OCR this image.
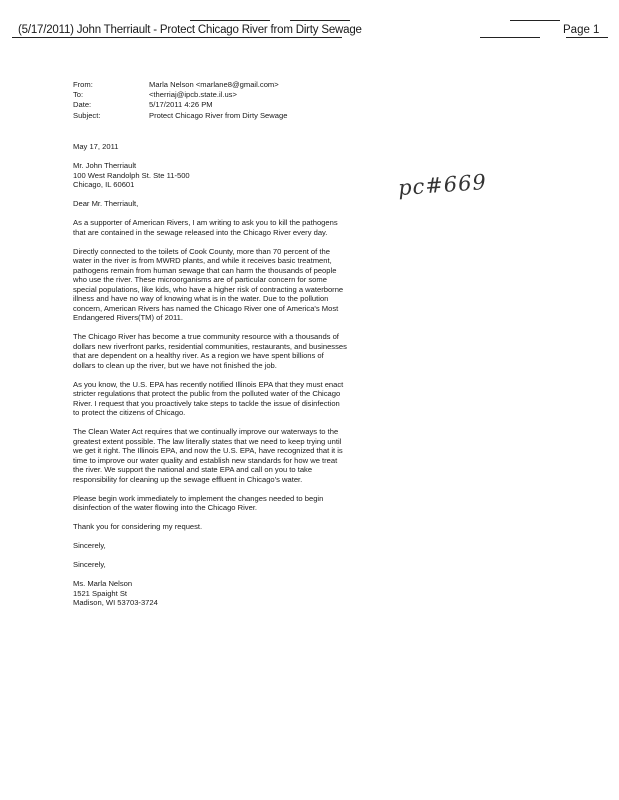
(5/17/2011) John Therriault - Protect Chicago River from Dirty Sewage	Page 1
From:	Marla Nelson <marlane8@gmail.com>
To:	<therriaj@ipcb.state.il.us>
Date:	5/17/2011 4:26 PM
Subject:	Protect Chicago River from Dirty Sewage
pc#669

May 17, 2011

Mr. John Therriault
100 West Randolph St. Ste 11-500
Chicago, IL 60601

Dear Mr. Therriault,

As a supporter of American Rivers, I am writing to ask you to kill the pathogens that are contained in the sewage released into the Chicago River every day.

Directly connected to the toilets of Cook County, more than 70 percent of the water in the river is from MWRD plants, and while it receives basic treatment, pathogens remain from human sewage that can harm the thousands of people who use the river. These microorganisms are of particular concern for some special populations, like kids, who have a higher risk of contracting a waterborne illness and have no way of knowing what is in the water. Due to the pollution concern, American Rivers has named the Chicago River one of America's Most Endangered Rivers(TM) of 2011.

The Chicago River has become a true community resource with a thousands of dollars new riverfront parks, residential communities, restaurants, and businesses that are dependent on a healthy river. As a region we have spent billions of dollars to clean up the river, but we have not finished the job.

As you know, the U.S. EPA has recently notified Illinois EPA that they must enact stricter regulations that protect the public from the polluted water of the Chicago River. I request that you proactively take steps to tackle the issue of disinfection to protect the citizens of Chicago.

The Clean Water Act requires that we continually improve our waterways to the greatest extent possible. The law literally states that we need to keep trying until we get it right. The Illinois EPA, and now the U.S. EPA, have recognized that it is time to improve our water quality and establish new standards for how we treat the river. We support the national and state EPA and call on you to take responsibility for cleaning up the sewage effluent in Chicago's water.

Please begin work immediately to implement the changes needed to begin disinfection of the water flowing into the Chicago River.

Thank you for considering my request.

Sincerely,

Sincerely,

Ms. Marla Nelson
1521 Spaight St
Madison, WI 53703-3724
